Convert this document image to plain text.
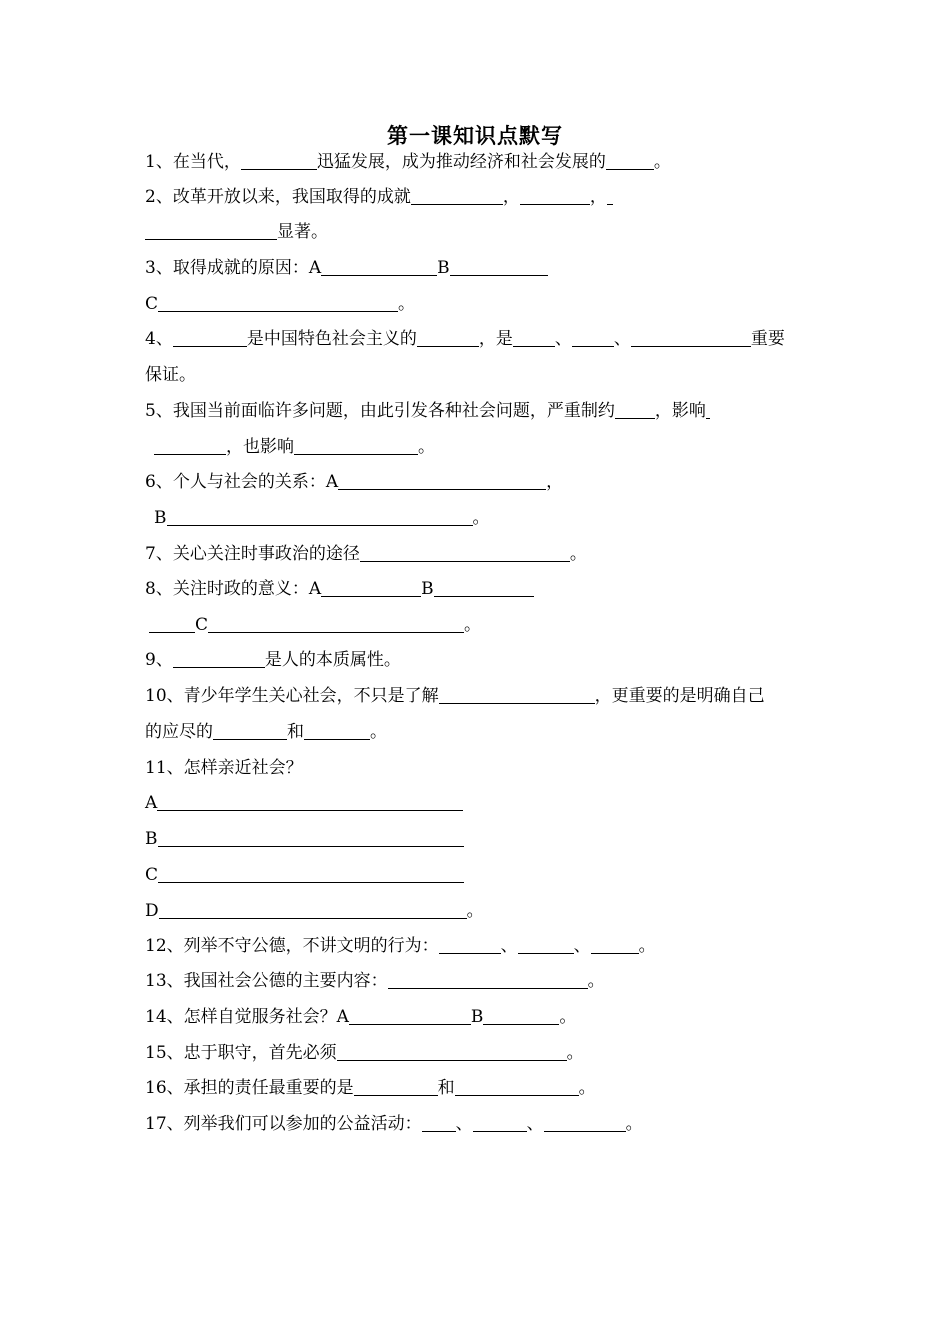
第一课知识点默写
1、在当代，	迅猛发展，成为推动经济和社会发展的	。
2、改革开放以来，我国取得的成就	，	，
显著。
3、取得成就的原因：A	B
C	。
4、	是中国特色社会主义的	，是 、 、	重要
保证。
5、我国当前面临许多问题，由此引发各种社会问题，严重制约 ，影响
，也影响	。
6、个人与社会的关系：A	，
B	。
7、关心关注时事政治的途径	。
8、关注时政的意义：A	B
C	。
9、	是人的本质属性。
10、青少年学生关心社会，不只是了解	，更重要的是明确自己
的应尽的	和	。
11、怎样亲近社会？
A
B
C
D	。
12、列举不守公德，不讲文明的行为：	、	、	。
13、我国社会公德的主要内容：	。
14、怎样自觉服务社会？A	B	。
15、忠于职守，首先必须	。
16、承担的责任最重要的是	和	。
17、列举我们可以参加的公益活动： 、	、	。
